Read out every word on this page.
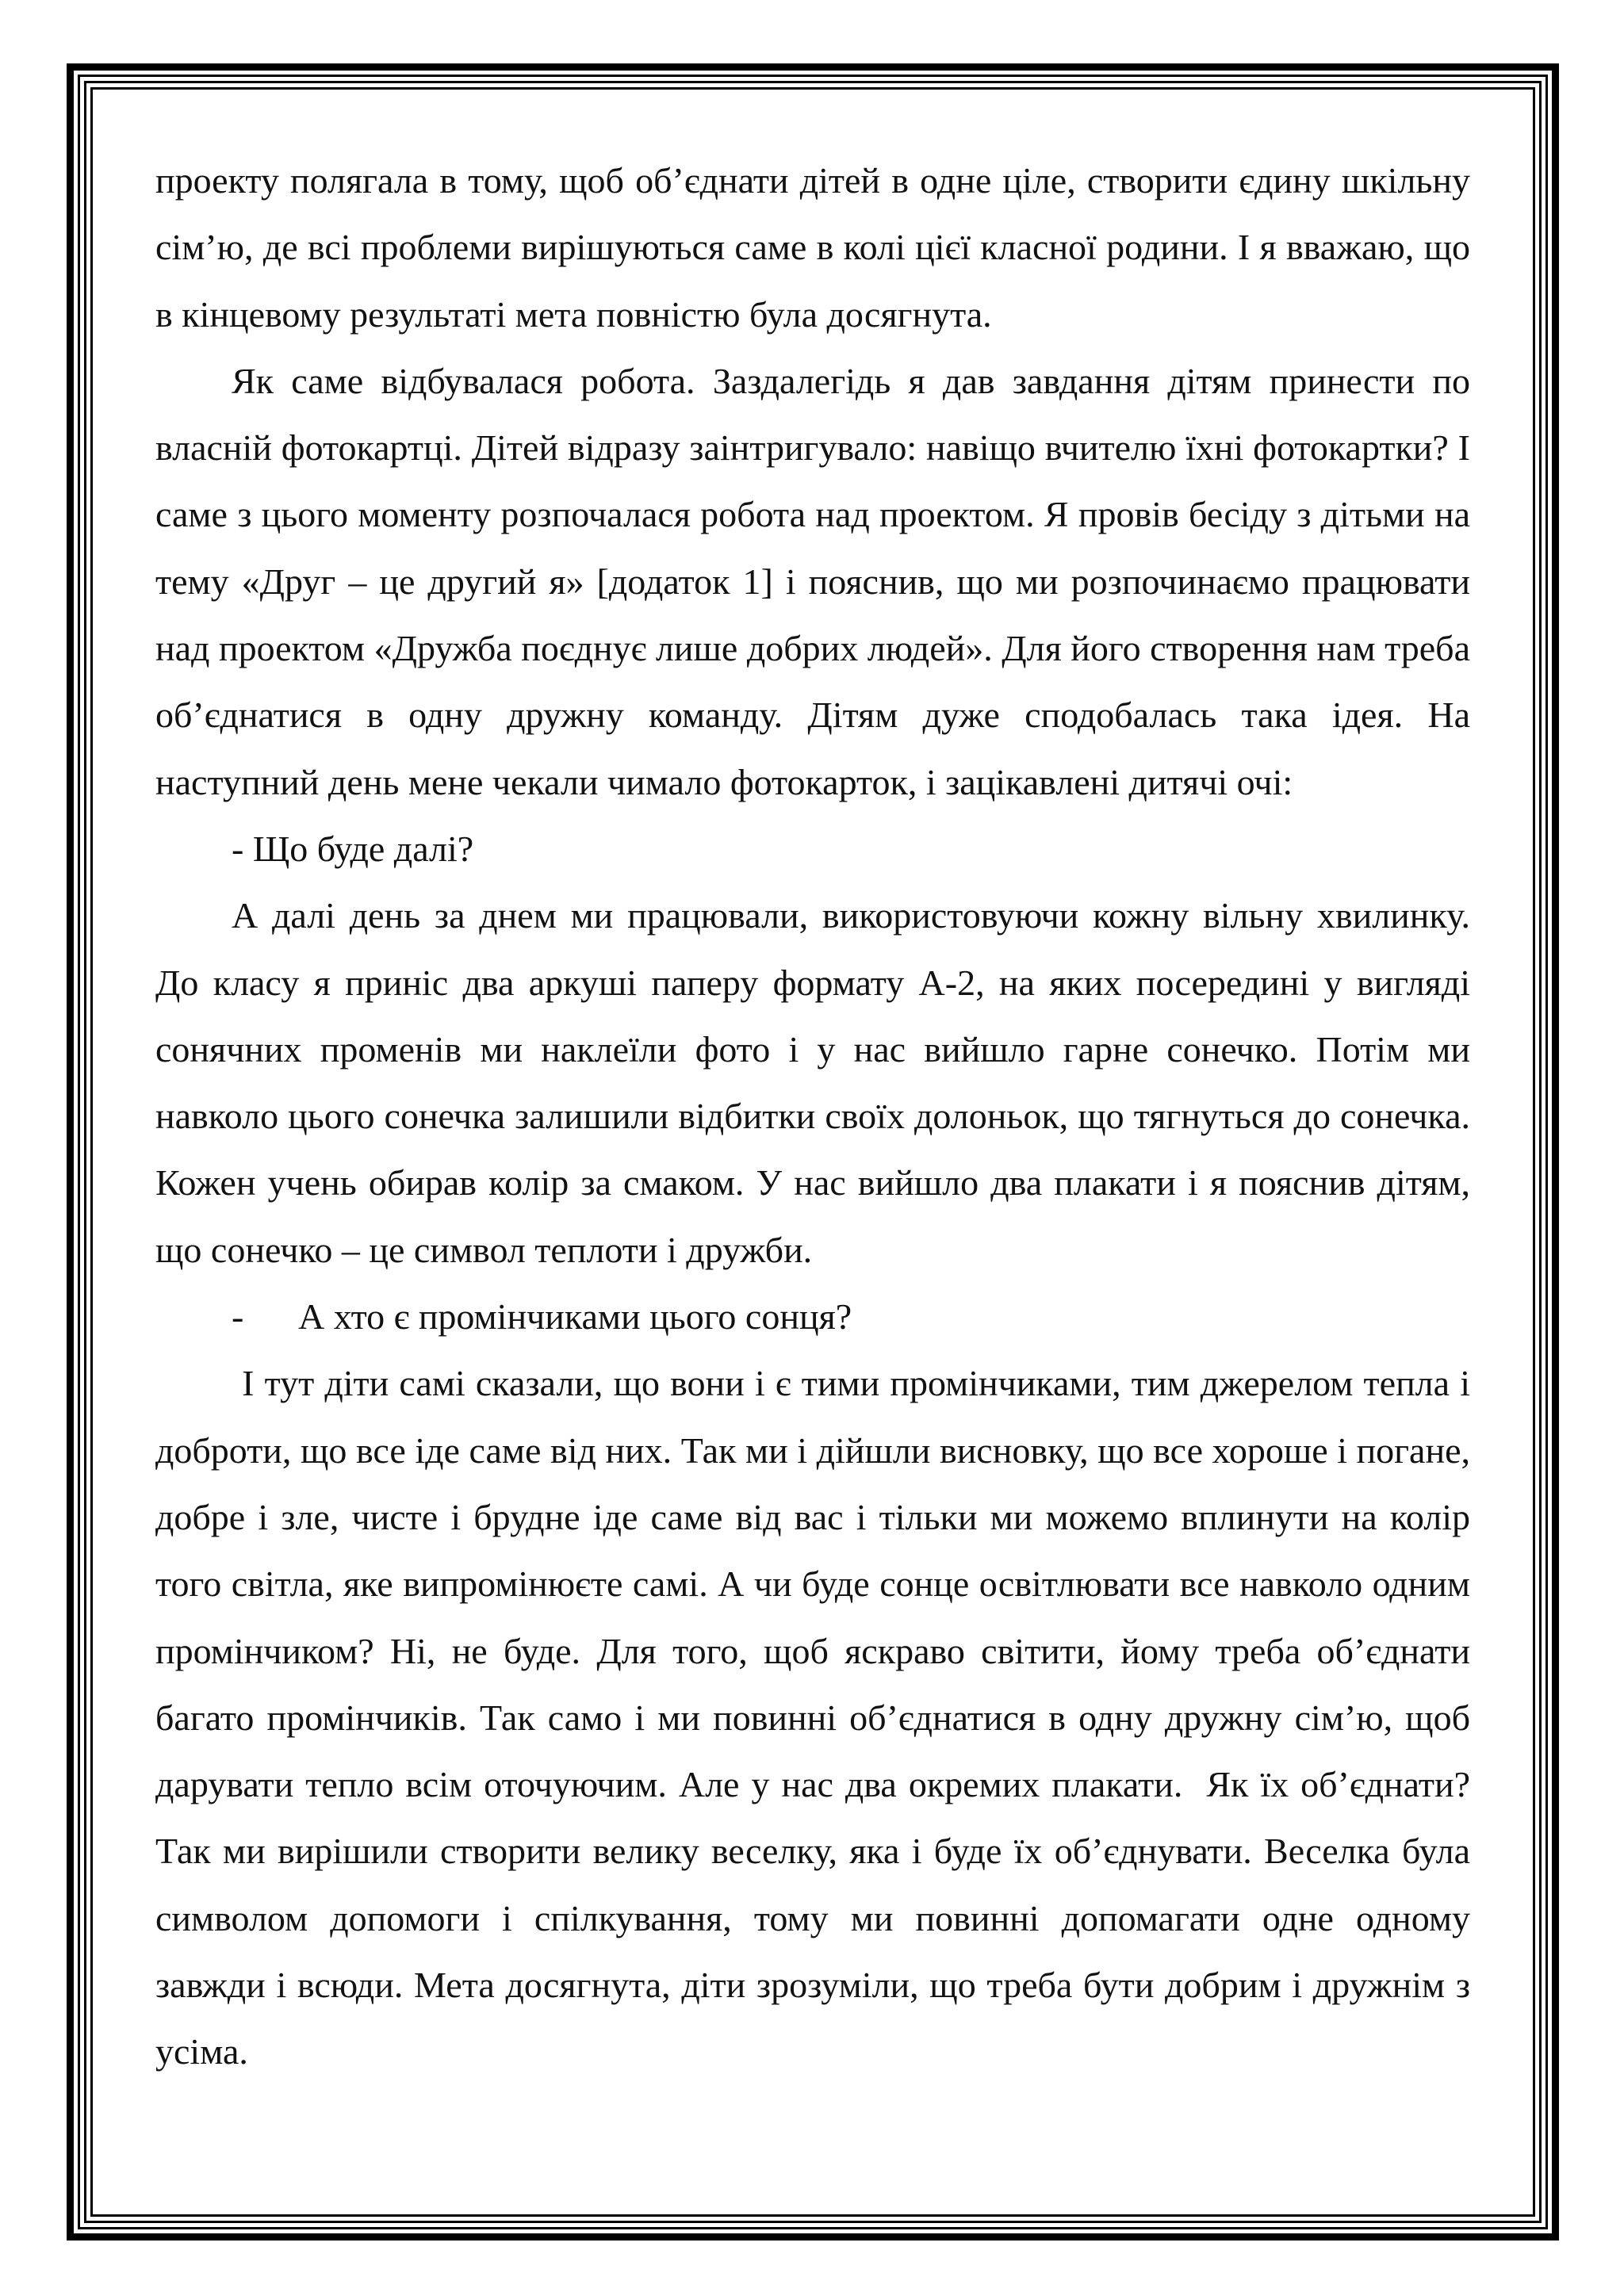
проекту полягала в тому, щоб об’єднати дітей в одне ціле, створити єдину шкільну сім’ю, де всі проблеми вирішуються саме в колі цієї класної родини. І я вважаю, що в кінцевому результаті мета повністю була досягнута.

Як саме відбувалася робота. Заздалегідь я дав завдання дітям принести по власній фотокартці. Дітей відразу заінтригувало: навіщо вчителю їхні фотокартки? І саме з цього моменту розпочалася робота над проектом. Я провів бесіду з дітьми на тему «Друг – це другий я» [додаток 1] і пояснив, що ми розпочинаємо працювати над проектом «Дружба поєднує лише добрих людей». Для його створення нам треба об’єднатися в одну дружну команду. Дітям дуже сподобалась така ідея. На наступний день мене чекали чимало фотокарток, і зацікавлені дитячі очі:

- Що буде далі?

А далі день за днем ми працювали, використовуючи кожну вільну хвилинку. До класу я приніс два аркуші паперу формату А-2, на яких посередині у вигляді сонячних променів ми наклеїли фото і у нас вийшло гарне сонечко. Потім ми навколо цього сонечка залишили відбитки своїх долоньок, що тягнуться до сонечка. Кожен учень обирав колір за смаком. У нас вийшло два плакати і я пояснив дітям, що сонечко – це символ теплоти і дружби.

-	А хто є промінчиками цього сонця?

І тут діти самі сказали, що вони і є тими промінчиками, тим джерелом тепла і доброти, що все іде саме від них. Так ми і дійшли висновку, що все хороше і погане, добре і зле, чисте і брудне іде саме від вас і тільки ми можемо вплинути на колір того світла, яке випромінюєте самі. А чи буде сонце освітлювати все навколо одним промінчиком? Ні, не буде. Для того, щоб яскраво світити, йому треба об’єднати багато промінчиків. Так само і ми повинні об’єднатися в одну дружну сім’ю, щоб дарувати тепло всім оточуючим. Але у нас два окремих плакати.  Як їх об’єднати? Так ми вирішили створити велику веселку, яка і буде їх об’єднувати. Веселка була символом допомоги і спілкування, тому ми повинні допомагати одне одному завжди і всюди. Мета досягнута, діти зрозуміли, що треба бути добрим і дружнім з усіма.
